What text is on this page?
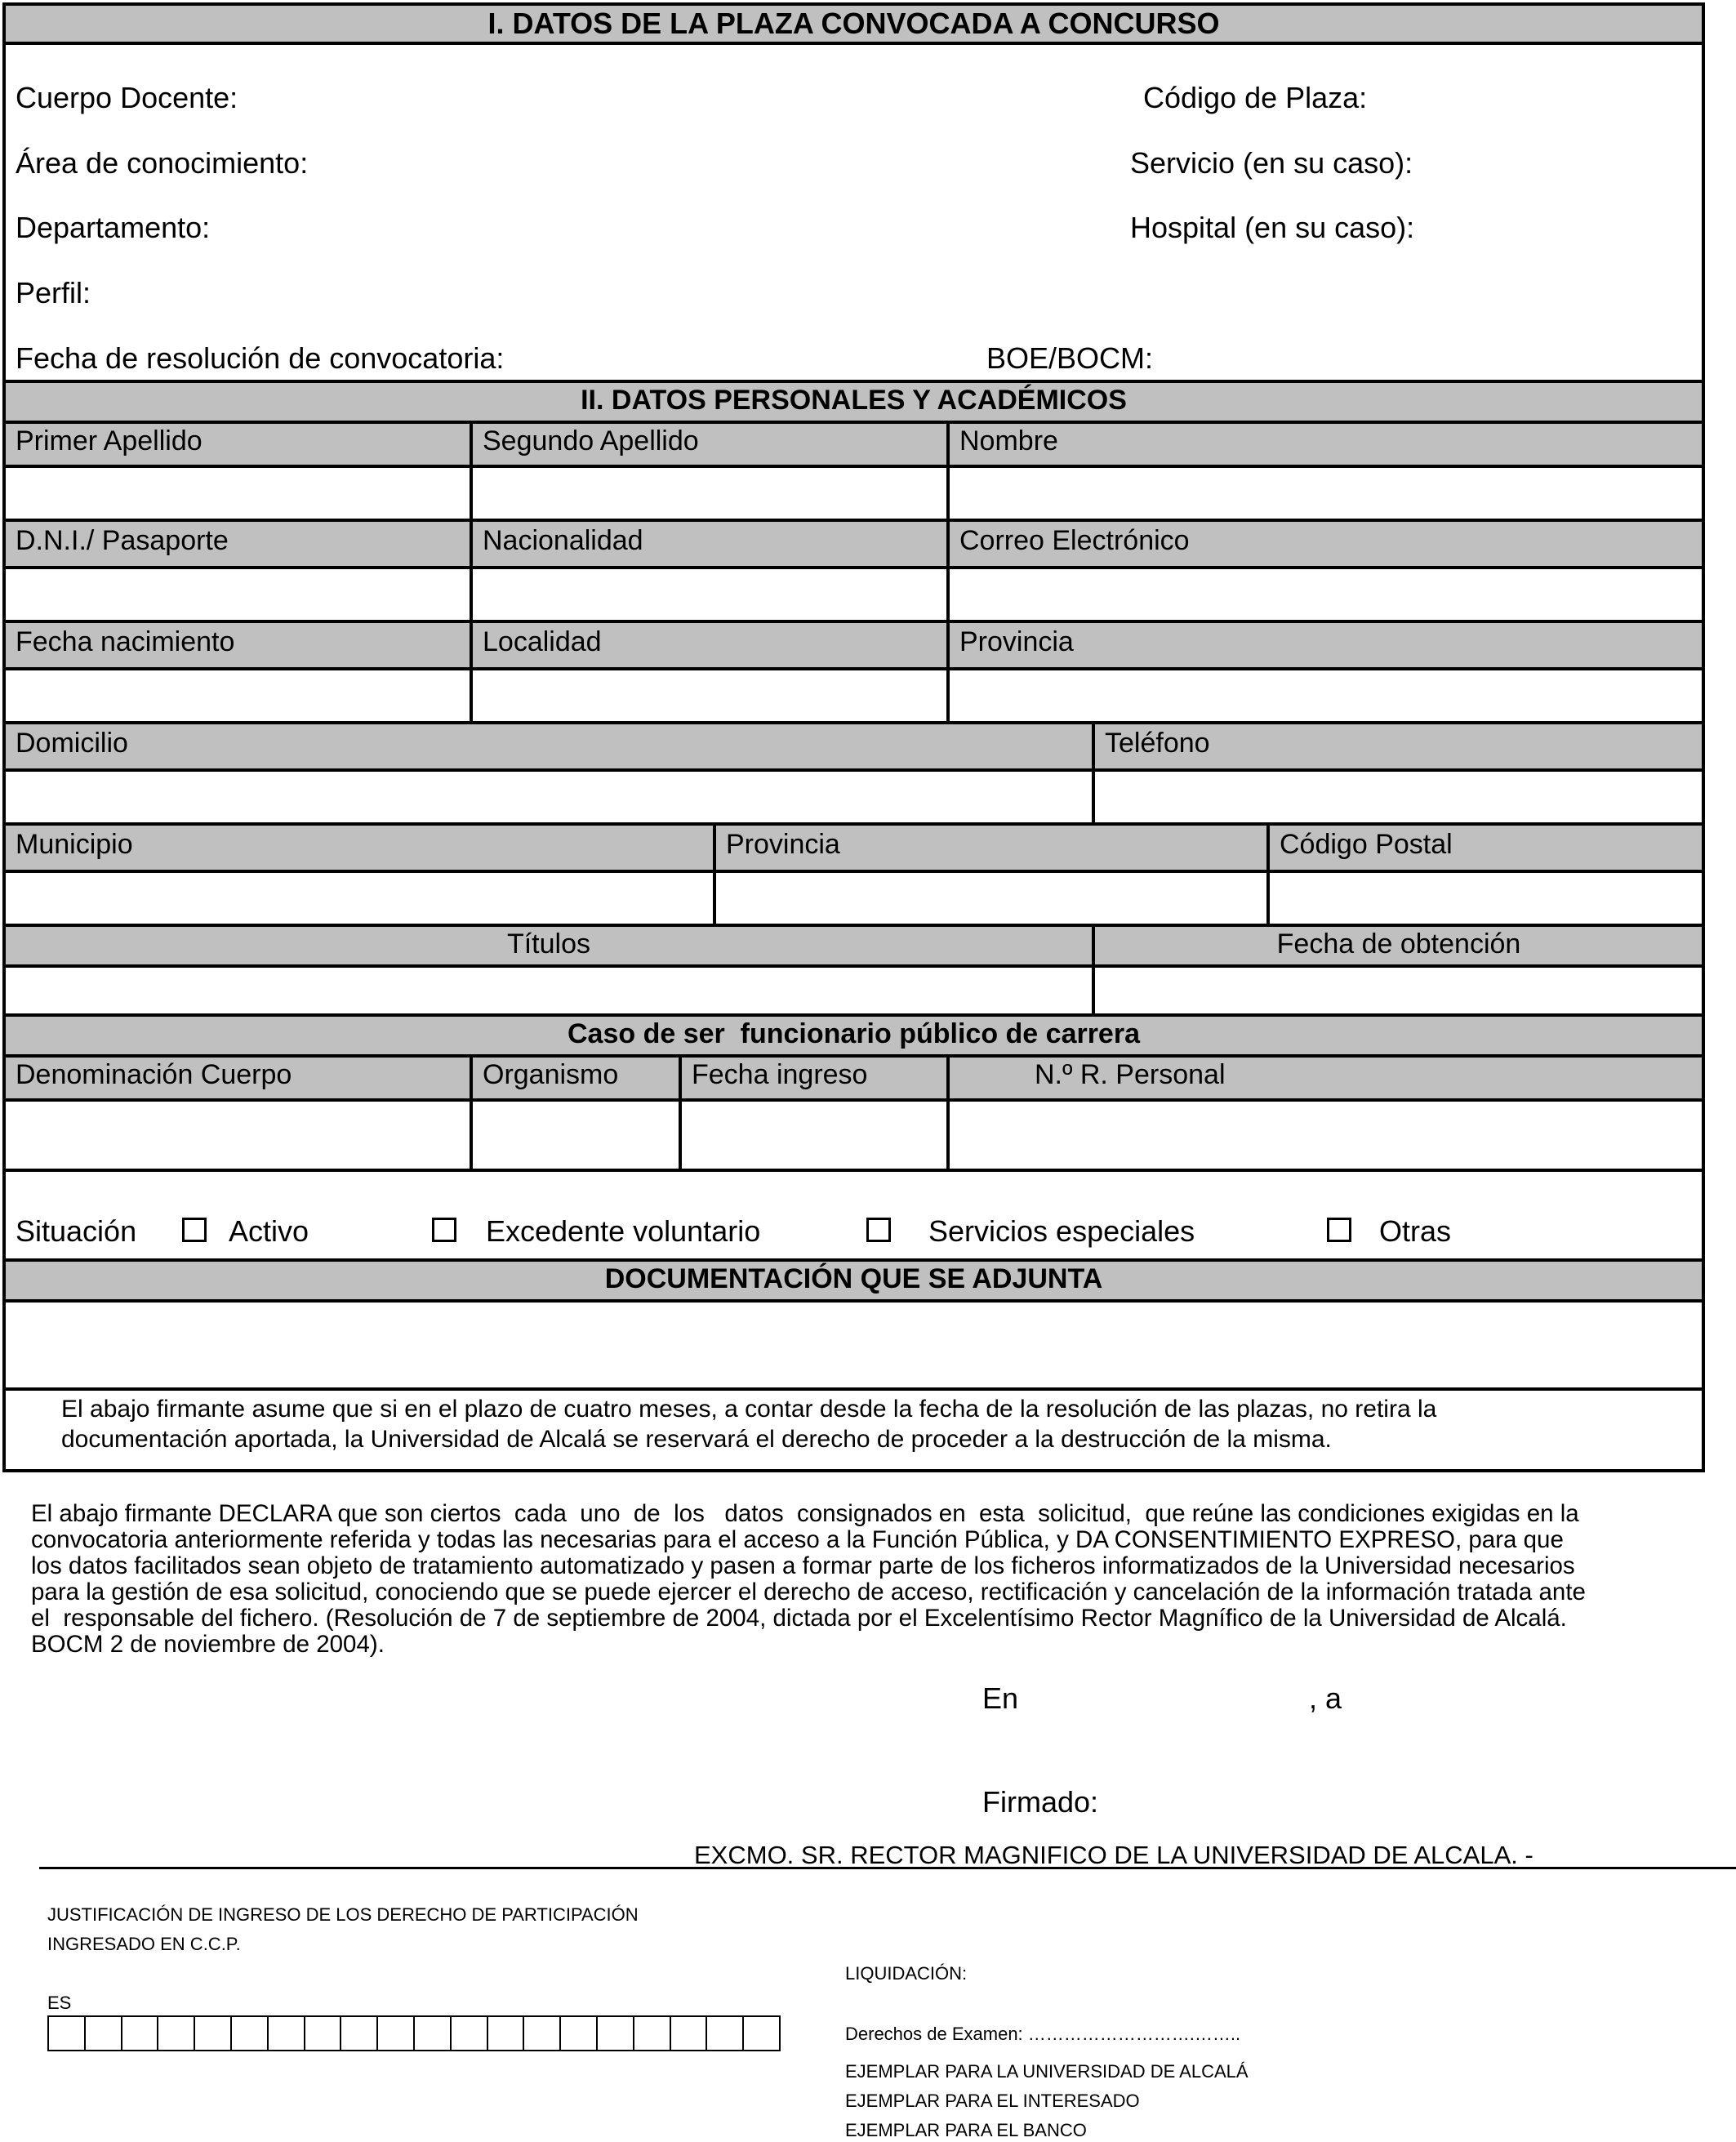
I. DATOS DE LA PLAZA CONVOCADA A CONCURSO
Cuerpo Docente:	Código de Plaza:
Área de conocimiento:	Servicio (en su caso):
Departamento:	Hospital (en su caso):
Perfil:
Fecha de resolución de convocatoria:	BOE/BOCM:
II. DATOS PERSONALES Y ACADÉMICOS
Primer Apellido	Segundo Apellido	Nombre
D.N.I./ Pasaporte	Nacionalidad	Correo Electrónico
Fecha nacimiento	Localidad	Provincia
Domicilio	Teléfono
Municipio	Provincia	Código Postal
Títulos	Fecha de obtención
Caso de ser  funcionario público de carrera
Denominación Cuerpo	Organismo	Fecha ingreso	N.º R. Personal
Situación	Activo	Excedente voluntario	Servicios especiales	Otras
DOCUMENTACIÓN QUE SE ADJUNTA
El abajo firmante asume que si en el plazo de cuatro meses, a contar desde la fecha de la resolución de las plazas, no retira la
documentación aportada, la Universidad de Alcalá se reservará el derecho de proceder a la destrucción de la misma.
El abajo firmante DECLARA que son ciertos  cada  uno  de  los   datos  consignados en  esta  solicitud,  que reúne las condiciones exigidas en la
convocatoria anteriormente referida y todas las necesarias para el acceso a la Función Pública, y DA CONSENTIMIENTO EXPRESO, para que
los datos facilitados sean objeto de tratamiento automatizado y pasen a formar parte de los ficheros informatizados de la Universidad necesarios
para la gestión de esa solicitud, conociendo que se puede ejercer el derecho de acceso, rectificación y cancelación de la información tratada ante
el  responsable del fichero. (Resolución de 7 de septiembre de 2004, dictada por el Excelentísimo Rector Magnífico de la Universidad de Alcalá.
BOCM 2 de noviembre de 2004).
En	, a
Firmado:
EXCMO. SR. RECTOR MAGNIFICO DE LA UNIVERSIDAD DE ALCALA. -
JUSTIFICACIÓN DE INGRESO DE LOS DERECHO DE PARTICIPACIÓN
INGRESADO EN C.C.P.
ES
LIQUIDACIÓN:
Derechos de Examen: ……………………….……..
EJEMPLAR PARA LA UNIVERSIDAD DE ALCALÁ
EJEMPLAR PARA EL INTERESADO
EJEMPLAR PARA EL BANCO
